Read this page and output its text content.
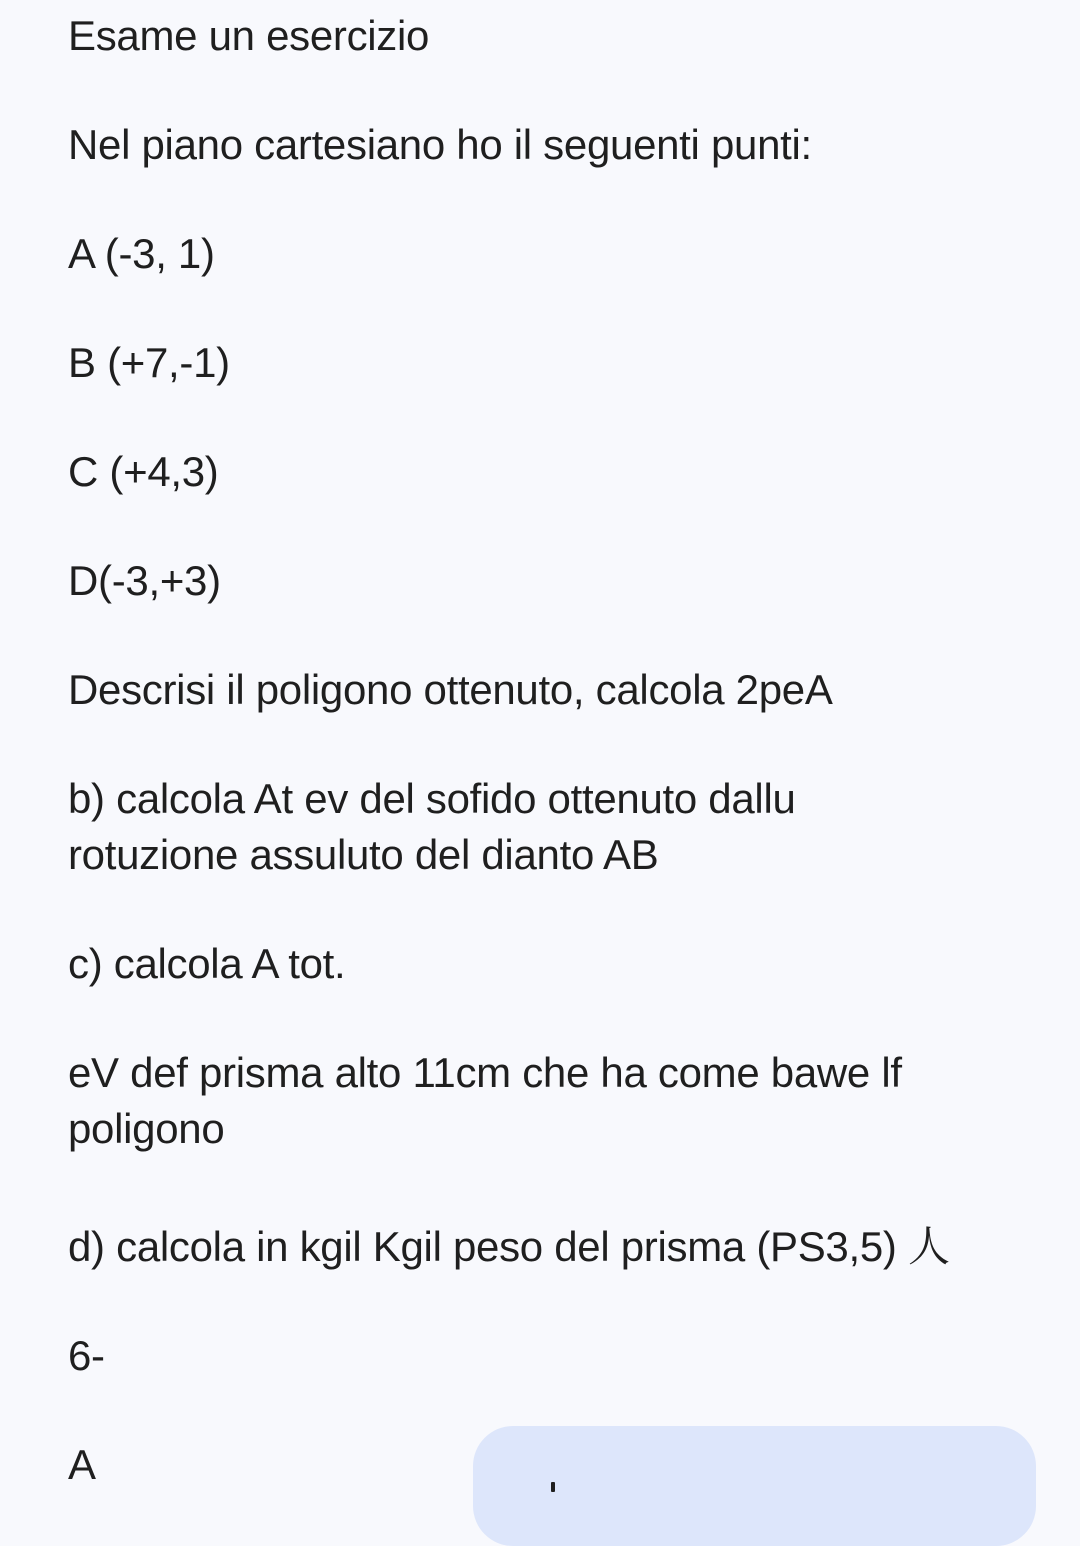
Esame un esercizio
Nel piano cartesiano ho il seguenti punti:
A (-3, 1)
B (+7,-1)
C (+4,3)
D(-3,+3)
Descrisi il poligono ottenuto, calcola 2peA
b) calcola At ev del sofido ottenuto dallu
rotuzione assuluto del dianto AB
c) calcola A tot.
eV def prisma alto 11cm che ha come bawe lf
poligono
d) calcola in kgil Kgil peso del prisma (PS3,5) 人
6-
A
